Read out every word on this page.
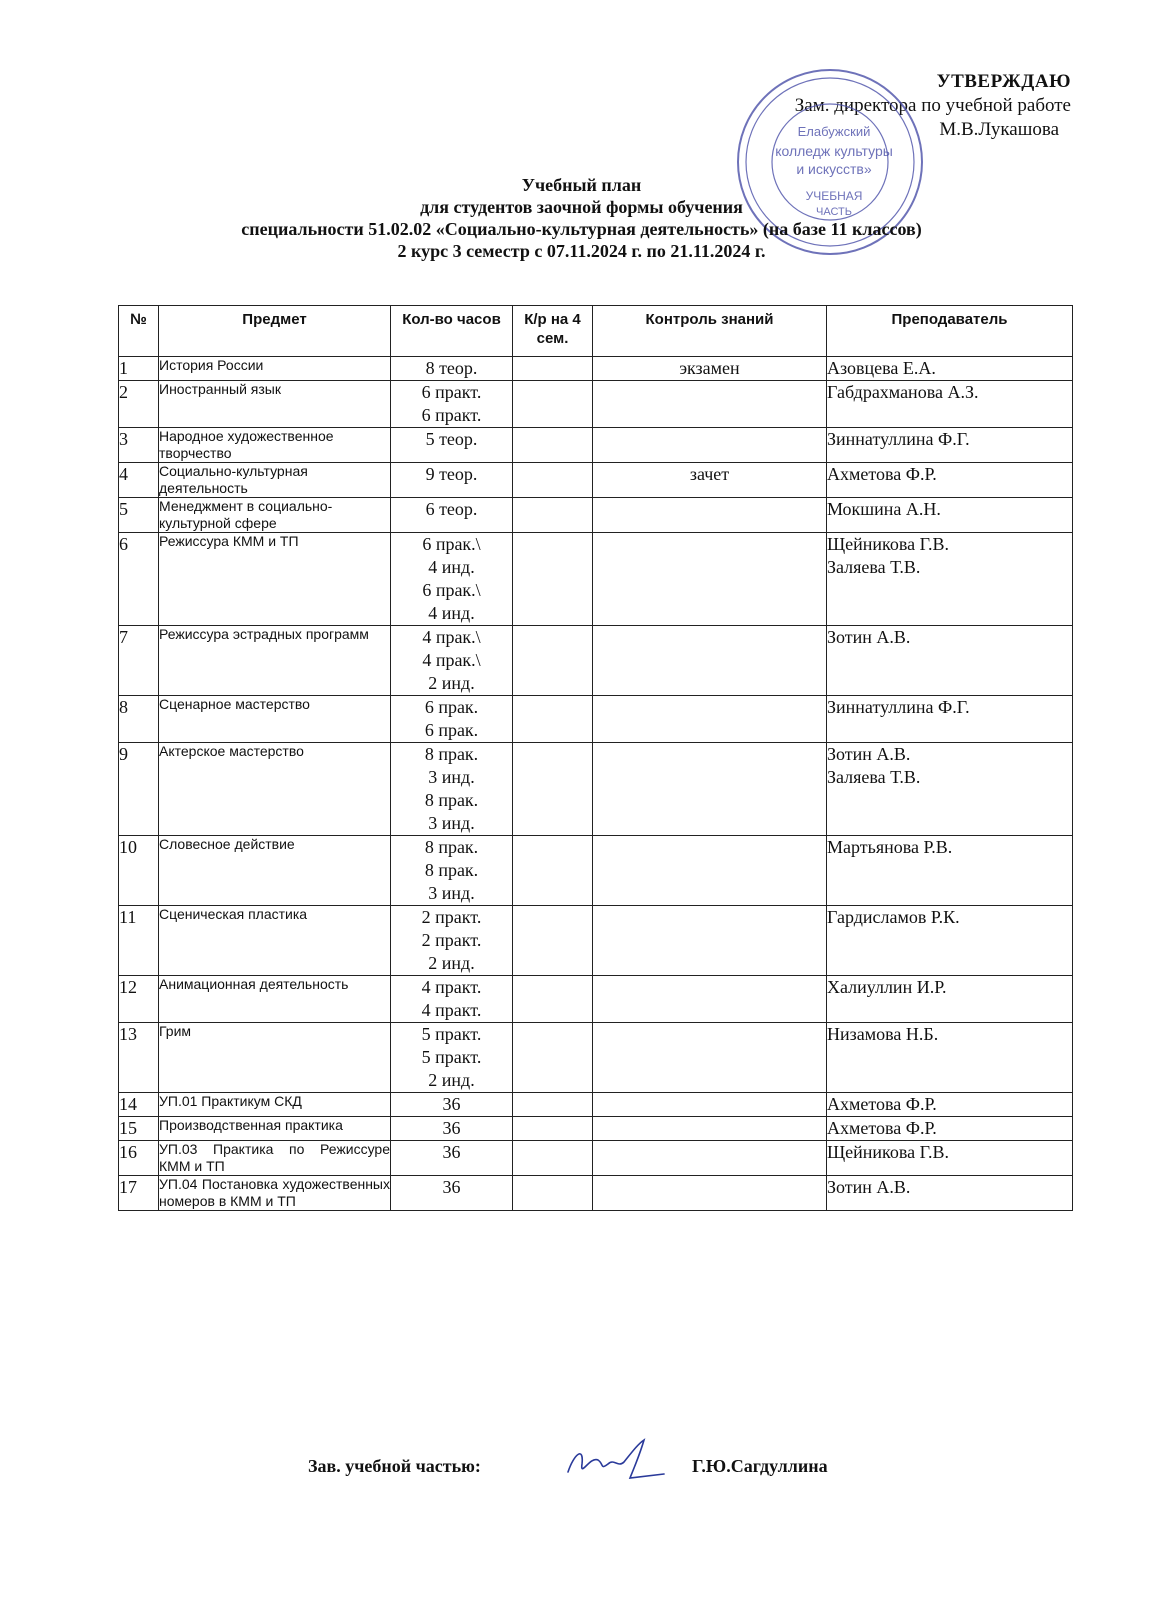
УТВЕРЖДАЮ
Зам. директора по учебной работе
М.В.Лукашова
Елабужский
колледж культуры
и искусств»
УЧЕБНАЯ
ЧАСТЬ
Учебный план
для студентов заочной формы обучения
специальности 51.02.02 «Социально-культурная деятельность» (на базе 11 классов)
2 курс 3 семестр с 07.11.2024 г. по 21.11.2024 г.
№	Предмет	Кол-во часов	К/р на 4 сем.	Контроль знаний	Преподаватель
1	История России	8 теор.		экзамен	Азовцева Е.А.

2	Иностранный язык	6 практ.
6 практ.			Габдрахманова А.З.

3	Народное художественное творчество	5 теор.			Зиннатуллина Ф.Г.

4	Социально-культурная деятельность	9 теор.		зачет	Ахметова Ф.Р.

5	Менеджмент в социально-культурной сфере	6 теор.			Мокшина А.Н.

6	Режиссура КММ и ТП	6 прак.\
4 инд.
6 прак.\
4 инд.			Щейникова Г.В.
Заляева Т.В.

7	Режиссура эстрадных программ	4 прак.\
4 прак.\
2 инд.			Зотин А.В.

8	Сценарное мастерство	6 прак.
6 прак.			Зиннатуллина Ф.Г.

9	Актерское мастерство	8 прак.
3 инд.
8 прак.
3 инд.			Зотин А.В.
Заляева Т.В.

10	Словесное действие	8 прак.
8 прак.
3 инд.			Мартьянова Р.В.

11	Сценическая пластика	2 практ.
2 практ.
2 инд.			Гардисламов Р.К.

12	Анимационная деятельность	4 практ.
4 практ.			Халиуллин И.Р.

13	Грим	5 практ.
5 практ.
2 инд.			Низамова Н.Б.

14	УП.01 Практикум СКД	36			Ахметова Ф.Р.

15	Производственная практика	36			Ахметова Ф.Р.

16	УП.03 Практика по Режиссуре КММ и ТП	36			Щейникова Г.В.

17	УП.04 Постановка художественных номеров в КММ и ТП	36			Зотин А.В.
Зав. учебной частью:	Г.Ю.Сагдуллина
